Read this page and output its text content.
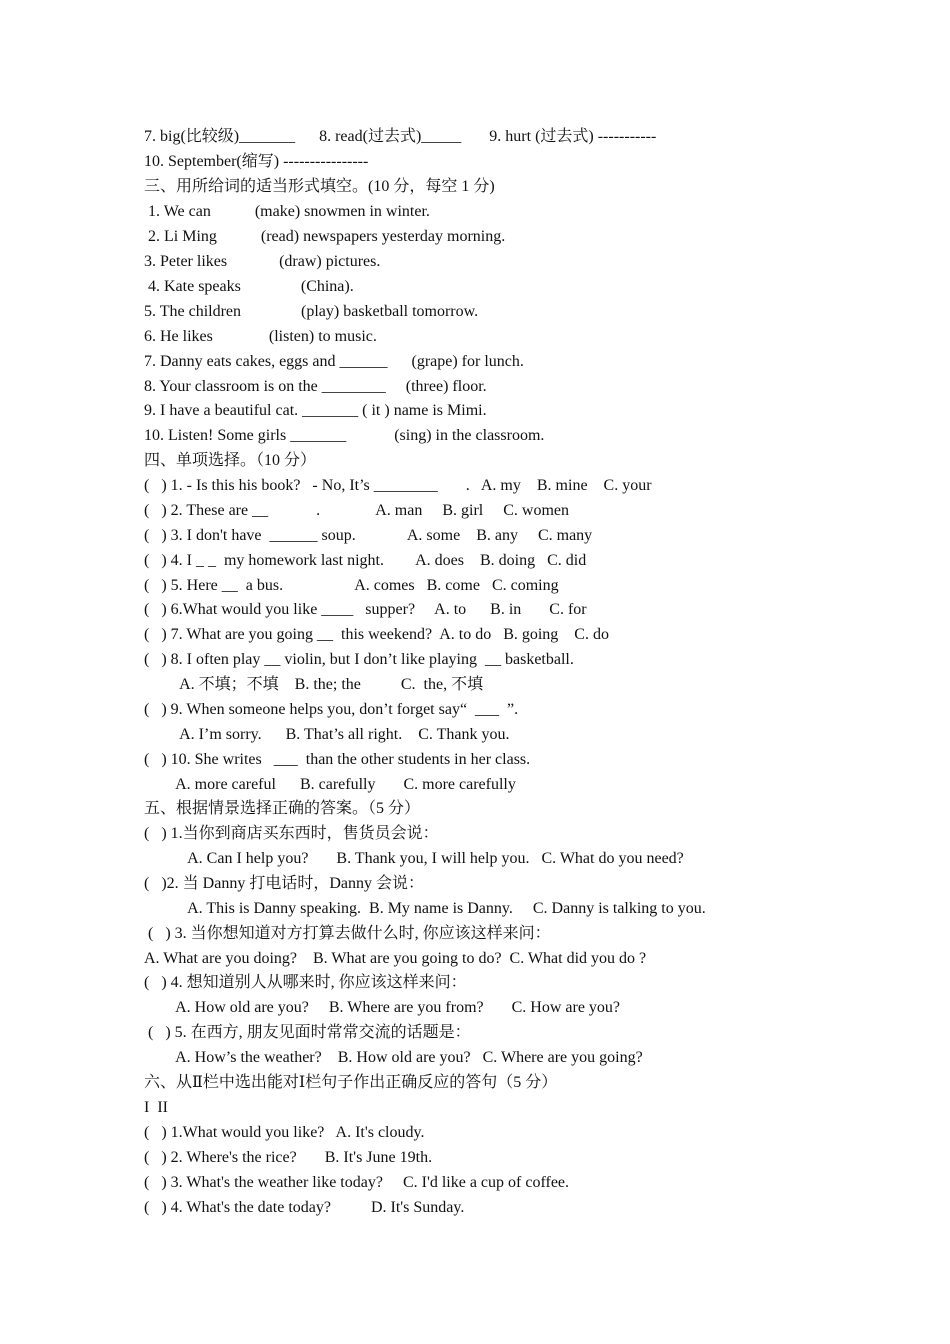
7. big(比较级)_______      8. read(过去式)_____       9. hurt (过去式) -----------
10. September(缩写) ----------------
三、用所给词的适当形式填空。(10 分，每空 1 分)
1. We can           (make) snowmen in winter.
2. Li Ming           (read) newspapers yesterday morning.
3. Peter likes             (draw) pictures.
4. Kate speaks               (China).
5. The children               (play) basketball tomorrow.
6. He likes              (listen) to music.
7. Danny eats cakes, eggs and ______      (grape) for lunch.
8. Your classroom is on the ________     (three) floor.
9. I have a beautiful cat. _______ ( it ) name is Mimi.
10. Listen! Some girls _______            (sing) in the classroom.
四、单项选择。（10 分）
(   ) 1. - Is this his book?   - No, It’s ________       .   A. my    B. mine    C. your
(   ) 2. These are __            .              A. man     B. girl     C. women
(   ) 3. I don't have  ______ soup.             A. some    B. any     C. many
(   ) 4. I _ _  my homework last night.        A. does    B. doing   C. did
(   ) 5. Here __  a bus.                  A. comes   B. come   C. coming
(   ) 6.What would you like ____   supper?     A. to      B. in       C. for
(   ) 7. What are you going __  this weekend?  A. to do   B. going    C. do
(   ) 8. I often play __ violin, but I don’t like playing  __ basketball.
A. 不填；不填    B. the; the          C.  the, 不填
(   ) 9. When someone helps you, don’t forget say“  ___  ”.
A. I’m sorry.      B. That’s all right.    C. Thank you.
(   ) 10. She writes   ___  than the other students in her class.
A. more careful      B. carefully       C. more carefully
五、根据情景选择正确的答案。（5 分）
(   ) 1.当你到商店买东西时，售货员会说：
A. Can I help you?       B. Thank you, I will help you.   C. What do you need?
(   )2. 当 Danny 打电话时，Danny 会说：
A. This is Danny speaking.  B. My name is Danny.     C. Danny is talking to you.
(   ) 3. 当你想知道对方打算去做什么时, 你应该这样来问：
A. What are you doing?    B. What are you going to do?  C. What did you do ?
(   ) 4. 想知道别人从哪来时, 你应该这样来问：
A. How old are you?     B. Where are you from?       C. How are you?
(   ) 5. 在西方, 朋友见面时常常交流的话题是：
A. How’s the weather?    B. How old are you?   C. Where are you going?
六、从Ⅱ栏中选出能对Ⅰ栏句子作出正确反应的答句（5 分）
I  II
(   ) 1.What would you like?   A. It's cloudy.
(   ) 2. Where's the rice?       B. It's June 19th.
(   ) 3. What's the weather like today?     C. I'd like a cup of coffee.
(   ) 4. What's the date today?          D. It's Sunday.
